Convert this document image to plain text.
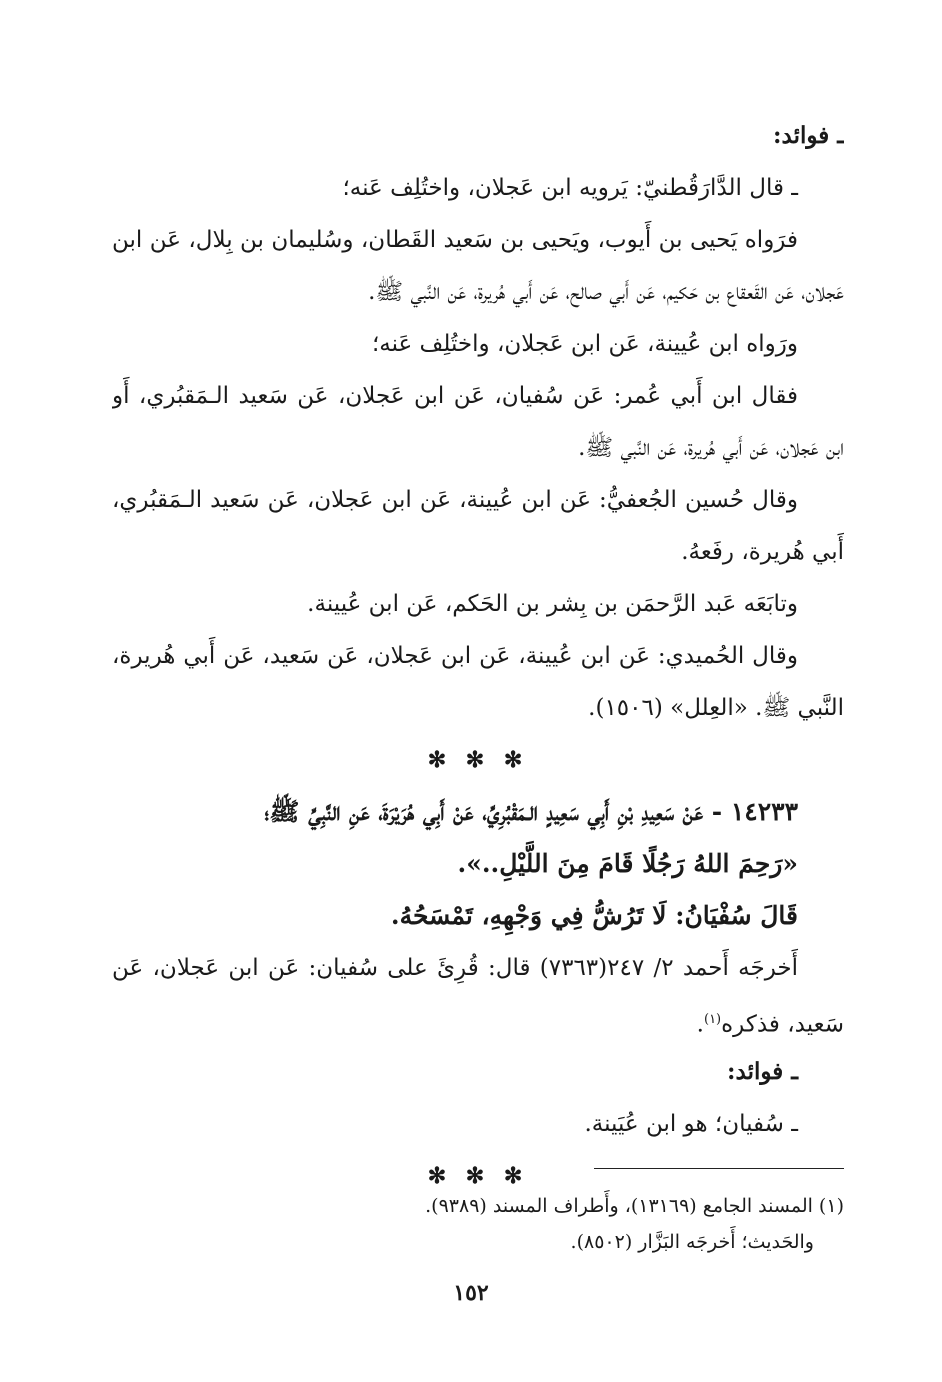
ـ فوائد:
ـ قال الدَّارَقُطنيّ: يَرويه ابن عَجلان، واختُلِف عَنه؛
فرَواه يَحيى بن أَيوب، ويَحيى بن سَعيد القَطان، وسُليمان بن بِلال، عَن ابن
عَجلان، عَن القَعقاع بن حَكيم، عَن أَبي صالح، عَن أَبي هُريرة، عَن النَّبي ﷺ.
ورَواه ابن عُيينة، عَن ابن عَجلان، واختُلِف عَنه؛
فقال ابن أَبي عُمر: عَن سُفيان، عَن ابن عَجلان، عَن سَعيد الـمَقبُري، أَو
ابن عَجلان، عَن أَبي هُريرة، عَن النَّبي ﷺ.
وقال حُسين الجُعفيُّ: عَن ابن عُيينة، عَن ابن عَجلان، عَن سَعيد الـمَقبُري،
أَبي هُريرة، رفَعهُ.
وتابَعَه عَبد الرَّحمَن بن بِشر بن الحَكم، عَن ابن عُيينة.
وقال الحُميدي: عَن ابن عُيينة، عَن ابن عَجلان، عَن سَعيد، عَن أَبي هُريرة،
النَّبي ﷺ. «العِلل» (١٥٠٦).
✻ ✻ ✻
١٤٢٣٣ - عَنْ سَعِيدِ بْنِ أَبِي سَعِيدٍ الـمَقْبُرِيِّ، عَنْ أَبِي هُرَيْرَةَ، عَنِ النَّبِيِّ ﷺ؛
«رَحِمَ اللهُ رَجُلًا قَامَ مِنَ اللَّيْلِ..».
قَالَ سُفْيَانُ: لَا تَرُشُّ فِي وَجْهِهِ، تَمْسَحُهُ.
أَخرجَه أَحمد ٢/ ٢٤٧(٧٣٦٣) قال: قُرِئَ على سُفيان: عَن ابن عَجلان، عَن
سَعيد، فذكره$^{(١)}$.
ـ فوائد:
ـ سُفيان؛ هو ابن عُيَينة.
✻ ✻ ✻
(١) المسند الجامع (١٣١٦٩)، وأَطراف المسند (٩٣٨٩).
والحَديث؛ أَخرجَه البَزَّار (٨٥٠٢).
١٥٢
